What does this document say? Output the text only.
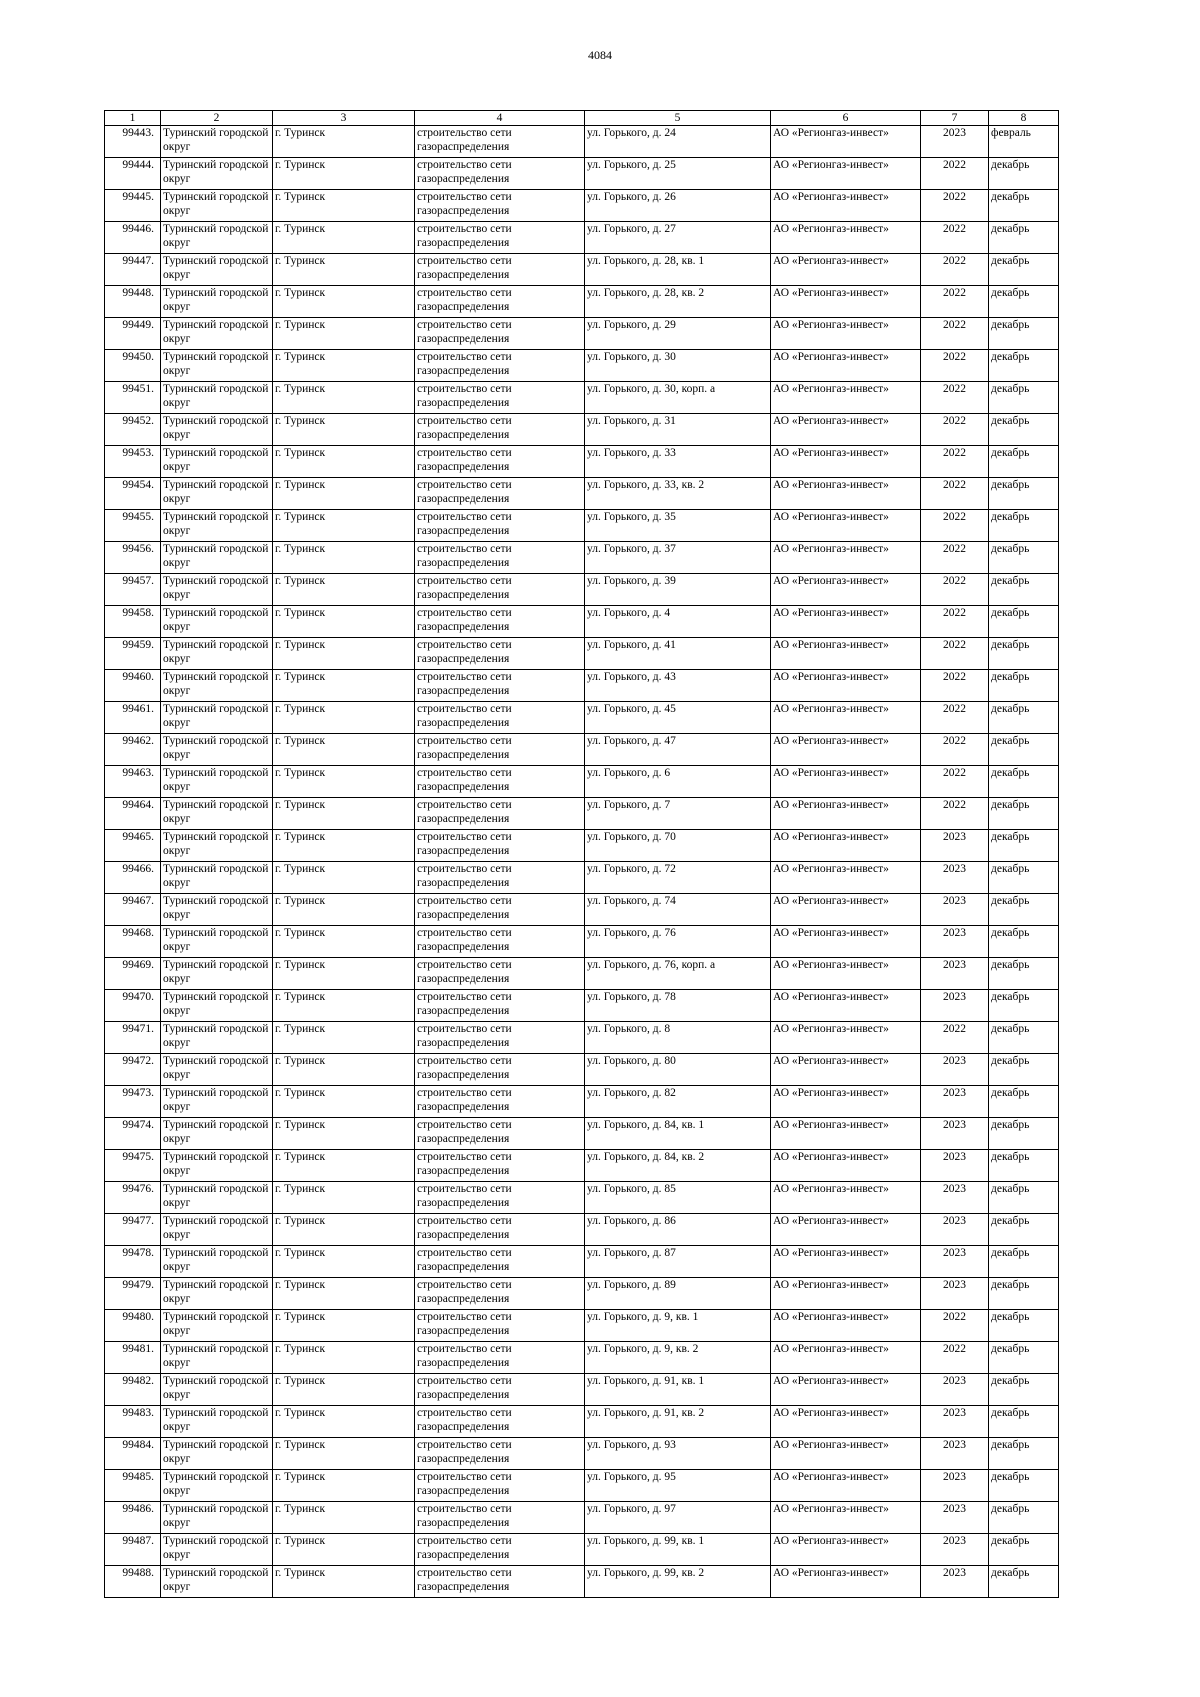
4084
1	2	3	4	5	6	7	8
99443.	Туринский городской округ	г. Туринск	строительство сети газораспределения	ул. Горького, д. 24	АО «Регионгаз-инвест»	2023	февраль
99444.	Туринский городской округ	г. Туринск	строительство сети газораспределения	ул. Горького, д. 25	АО «Регионгаз-инвест»	2022	декабрь
99445.	Туринский городской округ	г. Туринск	строительство сети газораспределения	ул. Горького, д. 26	АО «Регионгаз-инвест»	2022	декабрь
99446.	Туринский городской округ	г. Туринск	строительство сети газораспределения	ул. Горького, д. 27	АО «Регионгаз-инвест»	2022	декабрь
99447.	Туринский городской округ	г. Туринск	строительство сети газораспределения	ул. Горького, д. 28, кв. 1	АО «Регионгаз-инвест»	2022	декабрь
99448.	Туринский городской округ	г. Туринск	строительство сети газораспределения	ул. Горького, д. 28, кв. 2	АО «Регионгаз-инвест»	2022	декабрь
99449.	Туринский городской округ	г. Туринск	строительство сети газораспределения	ул. Горького, д. 29	АО «Регионгаз-инвест»	2022	декабрь
99450.	Туринский городской округ	г. Туринск	строительство сети газораспределения	ул. Горького, д. 30	АО «Регионгаз-инвест»	2022	декабрь
99451.	Туринский городской округ	г. Туринск	строительство сети газораспределения	ул. Горького, д. 30, корп. а	АО «Регионгаз-инвест»	2022	декабрь
99452.	Туринский городской округ	г. Туринск	строительство сети газораспределения	ул. Горького, д. 31	АО «Регионгаз-инвест»	2022	декабрь
99453.	Туринский городской округ	г. Туринск	строительство сети газораспределения	ул. Горького, д. 33	АО «Регионгаз-инвест»	2022	декабрь
99454.	Туринский городской округ	г. Туринск	строительство сети газораспределения	ул. Горького, д. 33, кв. 2	АО «Регионгаз-инвест»	2022	декабрь
99455.	Туринский городской округ	г. Туринск	строительство сети газораспределения	ул. Горького, д. 35	АО «Регионгаз-инвест»	2022	декабрь
99456.	Туринский городской округ	г. Туринск	строительство сети газораспределения	ул. Горького, д. 37	АО «Регионгаз-инвест»	2022	декабрь
99457.	Туринский городской округ	г. Туринск	строительство сети газораспределения	ул. Горького, д. 39	АО «Регионгаз-инвест»	2022	декабрь
99458.	Туринский городской округ	г. Туринск	строительство сети газораспределения	ул. Горького, д. 4	АО «Регионгаз-инвест»	2022	декабрь
99459.	Туринский городской округ	г. Туринск	строительство сети газораспределения	ул. Горького, д. 41	АО «Регионгаз-инвест»	2022	декабрь
99460.	Туринский городской округ	г. Туринск	строительство сети газораспределения	ул. Горького, д. 43	АО «Регионгаз-инвест»	2022	декабрь
99461.	Туринский городской округ	г. Туринск	строительство сети газораспределения	ул. Горького, д. 45	АО «Регионгаз-инвест»	2022	декабрь
99462.	Туринский городской округ	г. Туринск	строительство сети газораспределения	ул. Горького, д. 47	АО «Регионгаз-инвест»	2022	декабрь
99463.	Туринский городской округ	г. Туринск	строительство сети газораспределения	ул. Горького, д. 6	АО «Регионгаз-инвест»	2022	декабрь
99464.	Туринский городской округ	г. Туринск	строительство сети газораспределения	ул. Горького, д. 7	АО «Регионгаз-инвест»	2022	декабрь
99465.	Туринский городской округ	г. Туринск	строительство сети газораспределения	ул. Горького, д. 70	АО «Регионгаз-инвест»	2023	декабрь
99466.	Туринский городской округ	г. Туринск	строительство сети газораспределения	ул. Горького, д. 72	АО «Регионгаз-инвест»	2023	декабрь
99467.	Туринский городской округ	г. Туринск	строительство сети газораспределения	ул. Горького, д. 74	АО «Регионгаз-инвест»	2023	декабрь
99468.	Туринский городской округ	г. Туринск	строительство сети газораспределения	ул. Горького, д. 76	АО «Регионгаз-инвест»	2023	декабрь
99469.	Туринский городской округ	г. Туринск	строительство сети газораспределения	ул. Горького, д. 76, корп. а	АО «Регионгаз-инвест»	2023	декабрь
99470.	Туринский городской округ	г. Туринск	строительство сети газораспределения	ул. Горького, д. 78	АО «Регионгаз-инвест»	2023	декабрь
99471.	Туринский городской округ	г. Туринск	строительство сети газораспределения	ул. Горького, д. 8	АО «Регионгаз-инвест»	2022	декабрь
99472.	Туринский городской округ	г. Туринск	строительство сети газораспределения	ул. Горького, д. 80	АО «Регионгаз-инвест»	2023	декабрь
99473.	Туринский городской округ	г. Туринск	строительство сети газораспределения	ул. Горького, д. 82	АО «Регионгаз-инвест»	2023	декабрь
99474.	Туринский городской округ	г. Туринск	строительство сети газораспределения	ул. Горького, д. 84, кв. 1	АО «Регионгаз-инвест»	2023	декабрь
99475.	Туринский городской округ	г. Туринск	строительство сети газораспределения	ул. Горького, д. 84, кв. 2	АО «Регионгаз-инвест»	2023	декабрь
99476.	Туринский городской округ	г. Туринск	строительство сети газораспределения	ул. Горького, д. 85	АО «Регионгаз-инвест»	2023	декабрь
99477.	Туринский городской округ	г. Туринск	строительство сети газораспределения	ул. Горького, д. 86	АО «Регионгаз-инвест»	2023	декабрь
99478.	Туринский городской округ	г. Туринск	строительство сети газораспределения	ул. Горького, д. 87	АО «Регионгаз-инвест»	2023	декабрь
99479.	Туринский городской округ	г. Туринск	строительство сети газораспределения	ул. Горького, д. 89	АО «Регионгаз-инвест»	2023	декабрь
99480.	Туринский городской округ	г. Туринск	строительство сети газораспределения	ул. Горького, д. 9, кв. 1	АО «Регионгаз-инвест»	2022	декабрь
99481.	Туринский городской округ	г. Туринск	строительство сети газораспределения	ул. Горького, д. 9, кв. 2	АО «Регионгаз-инвест»	2022	декабрь
99482.	Туринский городской округ	г. Туринск	строительство сети газораспределения	ул. Горького, д. 91, кв. 1	АО «Регионгаз-инвест»	2023	декабрь
99483.	Туринский городской округ	г. Туринск	строительство сети газораспределения	ул. Горького, д. 91, кв. 2	АО «Регионгаз-инвест»	2023	декабрь
99484.	Туринский городской округ	г. Туринск	строительство сети газораспределения	ул. Горького, д. 93	АО «Регионгаз-инвест»	2023	декабрь
99485.	Туринский городской округ	г. Туринск	строительство сети газораспределения	ул. Горького, д. 95	АО «Регионгаз-инвест»	2023	декабрь
99486.	Туринский городской округ	г. Туринск	строительство сети газораспределения	ул. Горького, д. 97	АО «Регионгаз-инвест»	2023	декабрь
99487.	Туринский городской округ	г. Туринск	строительство сети газораспределения	ул. Горького, д. 99, кв. 1	АО «Регионгаз-инвест»	2023	декабрь
99488.	Туринский городской округ	г. Туринск	строительство сети газораспределения	ул. Горького, д. 99, кв. 2	АО «Регионгаз-инвест»	2023	декабрь
